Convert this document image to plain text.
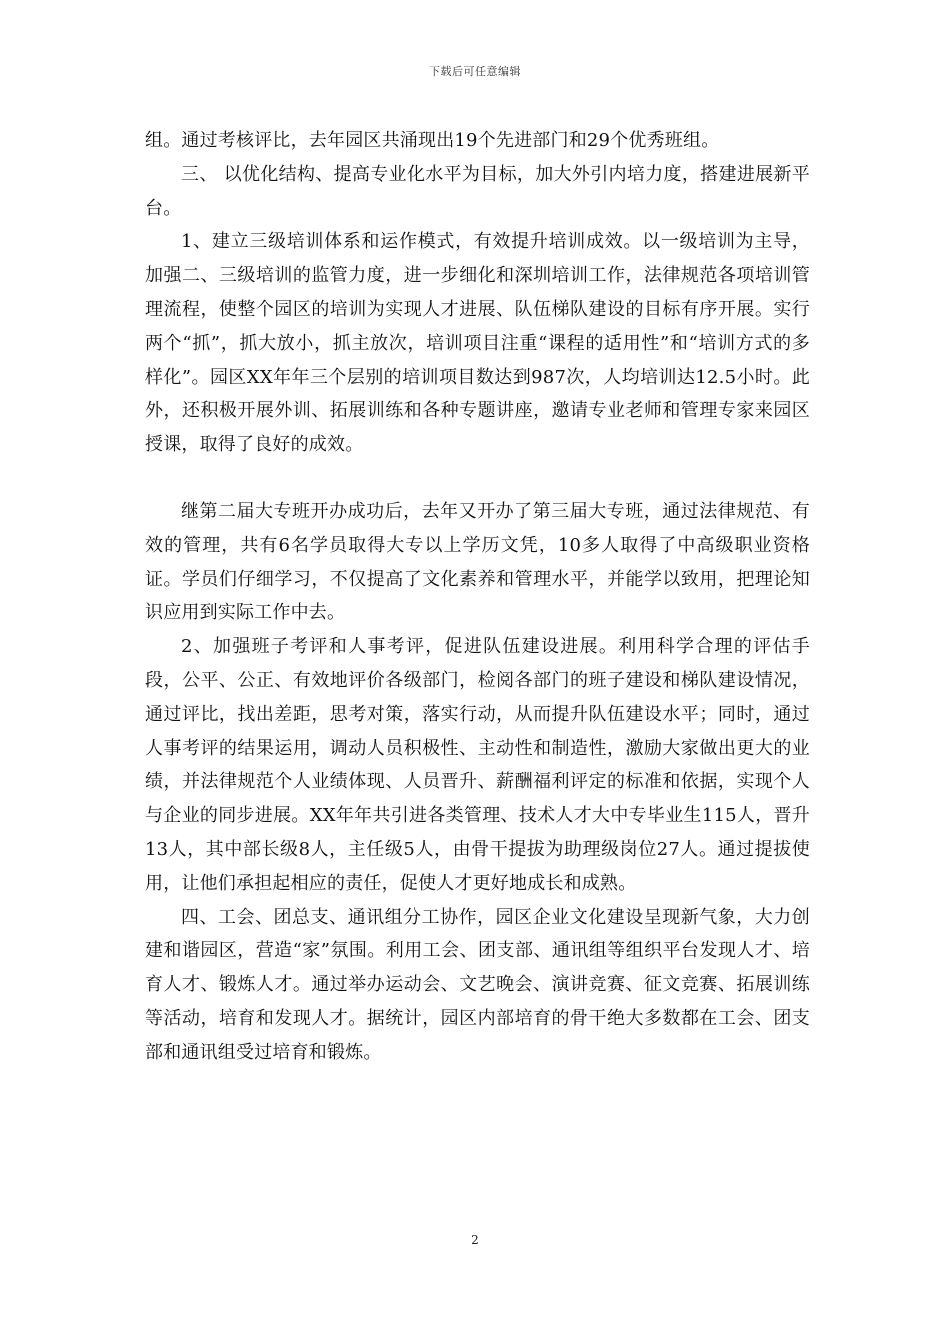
下载后可任意编辑

组。通过考核评比，去年园区共涌现出19个先进部门和29个优秀班组。

三、 以优化结构、提高专业化水平为目标，加大外引内培力度，搭建进展新平台。

1、建立三级培训体系和运作模式，有效提升培训成效。以一级培训为主导，加强二、三级培训的监管力度，进一步细化和深圳培训工作，法律规范各项培训管理流程，使整个园区的培训为实现人才进展、队伍梯队建设的目标有序开展。实行两个“抓”，抓大放小，抓主放次，培训项目注重“课程的适用性”和“培训方式的多样化”。园区XX年年三个层别的培训项目数达到987次，人均培训达12.5小时。此外，还积极开展外训、拓展训练和各种专题讲座，邀请专业老师和管理专家来园区授课，取得了良好的成效。

继第二届大专班开办成功后，去年又开办了第三届大专班，通过法律规范、有效的管理，共有6名学员取得大专以上学历文凭，10多人取得了中高级职业资格证。学员们仔细学习，不仅提高了文化素养和管理水平，并能学以致用，把理论知识应用到实际工作中去。

2、加强班子考评和人事考评，促进队伍建设进展。利用科学合理的评估手段，公平、公正、有效地评价各级部门，检阅各部门的班子建设和梯队建设情况，通过评比，找出差距，思考对策，落实行动，从而提升队伍建设水平；同时，通过人事考评的结果运用，调动人员积极性、主动性和制造性，激励大家做出更大的业绩，并法律规范个人业绩体现、人员晋升、薪酬福利评定的标准和依据，实现个人与企业的同步进展。XX年年共引进各类管理、技术人才大中专毕业生115人，晋升13人，其中部长级8人，主任级5人，由骨干提拔为助理级岗位27人。通过提拔使用，让他们承担起相应的责任，促使人才更好地成长和成熟。

四、工会、团总支、通讯组分工协作，园区企业文化建设呈现新气象，大力创建和谐园区，营造“家”氛围。利用工会、团支部、通讯组等组织平台发现人才、培育人才、锻炼人才。通过举办运动会、文艺晚会、演讲竞赛、征文竞赛、拓展训练等活动，培育和发现人才。据统计，园区内部培育的骨干绝大多数都在工会、团支部和通讯组受过培育和锻炼。

2
